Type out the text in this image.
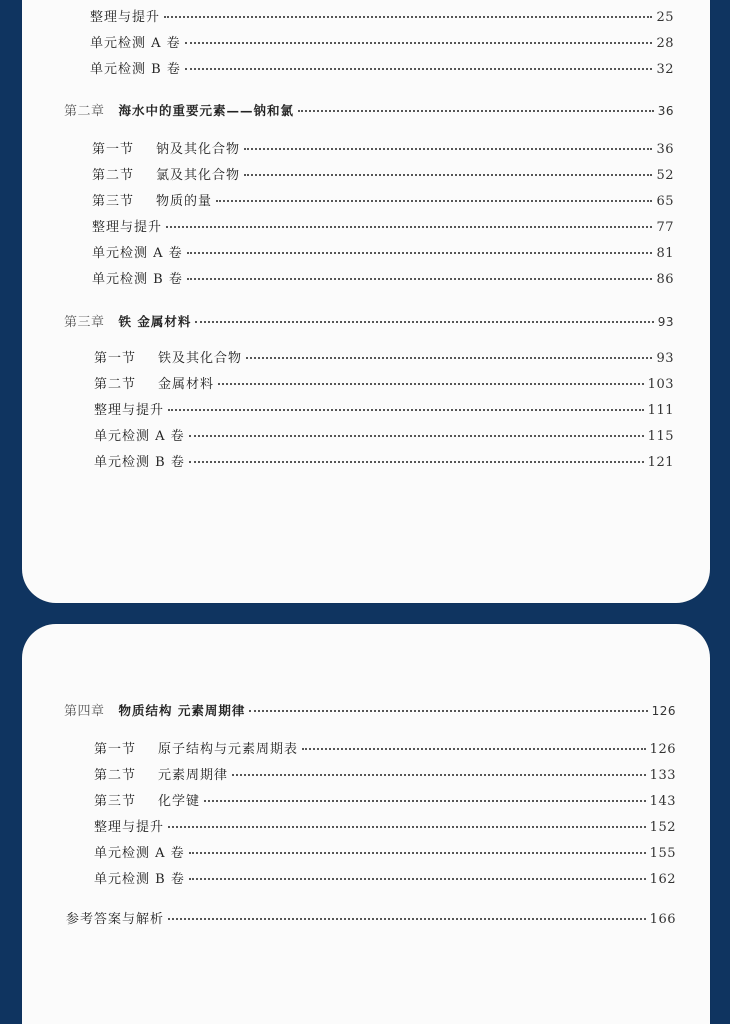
整理与提升	25
单元检测 A 卷	28
单元检测 B 卷	32
第二章 海水中的重要元素——钠和氯	36
第一节 钠及其化合物	36
第二节 氯及其化合物	52
第三节 物质的量	65
整理与提升	77
单元检测 A 卷	81
单元检测 B 卷	86
第三章 铁 金属材料	93
第一节 铁及其化合物	93
第二节 金属材料	103
整理与提升	111
单元检测 A 卷	115
单元检测 B 卷	121
第四章 物质结构 元素周期律	126
第一节 原子结构与元素周期表	126
第二节 元素周期律	133
第三节 化学键	143
整理与提升	152
单元检测 A 卷	155
单元检测 B 卷	162
参考答案与解析	166
